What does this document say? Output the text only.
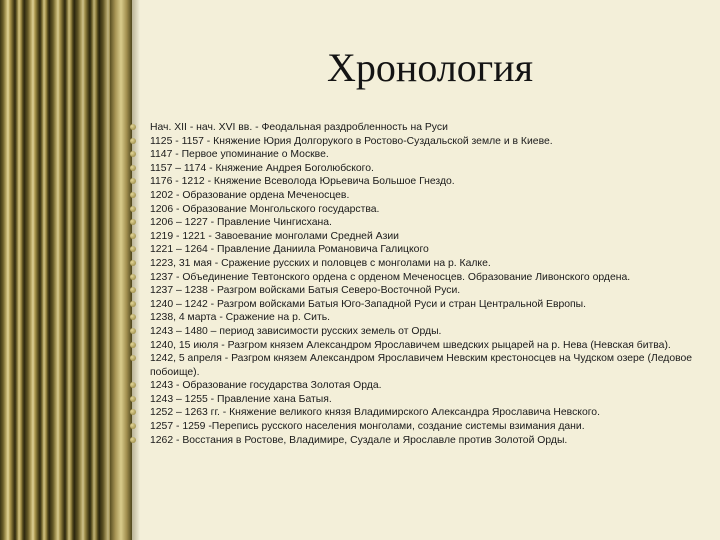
Хронология
Нач. XII - нач. XVI вв. - Феодальная раздробленность на Руси
1125 - 1157 - Княжение Юрия Долгорукого в Ростово-Суздальской земле и в Киеве.
1147 - Первое упоминание о Москве.
1157 – 1174 - Княжение Андрея Боголюбского.
1176 - 1212 - Княжение Всеволода Юрьевича Большое Гнездо.
1202 - Образование ордена Меченосцев.
1206 - Образование Монгольского государства.
1206 – 1227 - Правление Чингисхана.
1219 - 1221 - Завоевание монголами Средней Азии
1221 – 1264 - Правление Даниила Романовича Галицкого
1223, 31 мая - Сражение русских и половцев с монголами на р. Калке.
1237 - Объединение Тевтонского ордена с орденом Меченосцев. Образование Ливонского ордена.
1237 – 1238 - Разгром войсками Батыя Северо-Восточной Руси.
1240 – 1242 - Разгром войсками Батыя Юго-Западной Руси и стран Центральной Европы.
1238, 4 марта - Сражение на р. Сить.
1243 – 1480 – период зависимости русских земель от Орды.
1240, 15 июля - Разгром князем Александром Ярославичем шведских рыцарей на р. Нева (Невская битва).
1242, 5 апреля - Разгром князем Александром Ярославичем Невским крестоносцев на Чудском озере (Ледовое побоище).
1243 - Образование государства Золотая Орда.
1243 – 1255 - Правление хана Батыя.
1252 – 1263 гг. - Княжение великого князя Владимирского Александра Ярославича Невского.
1257 - 1259 -Перепись русского населения монголами, создание системы взимания дани.
1262 - Восстания в Ростове, Владимире, Суздале и Ярославле против Золотой Орды.
